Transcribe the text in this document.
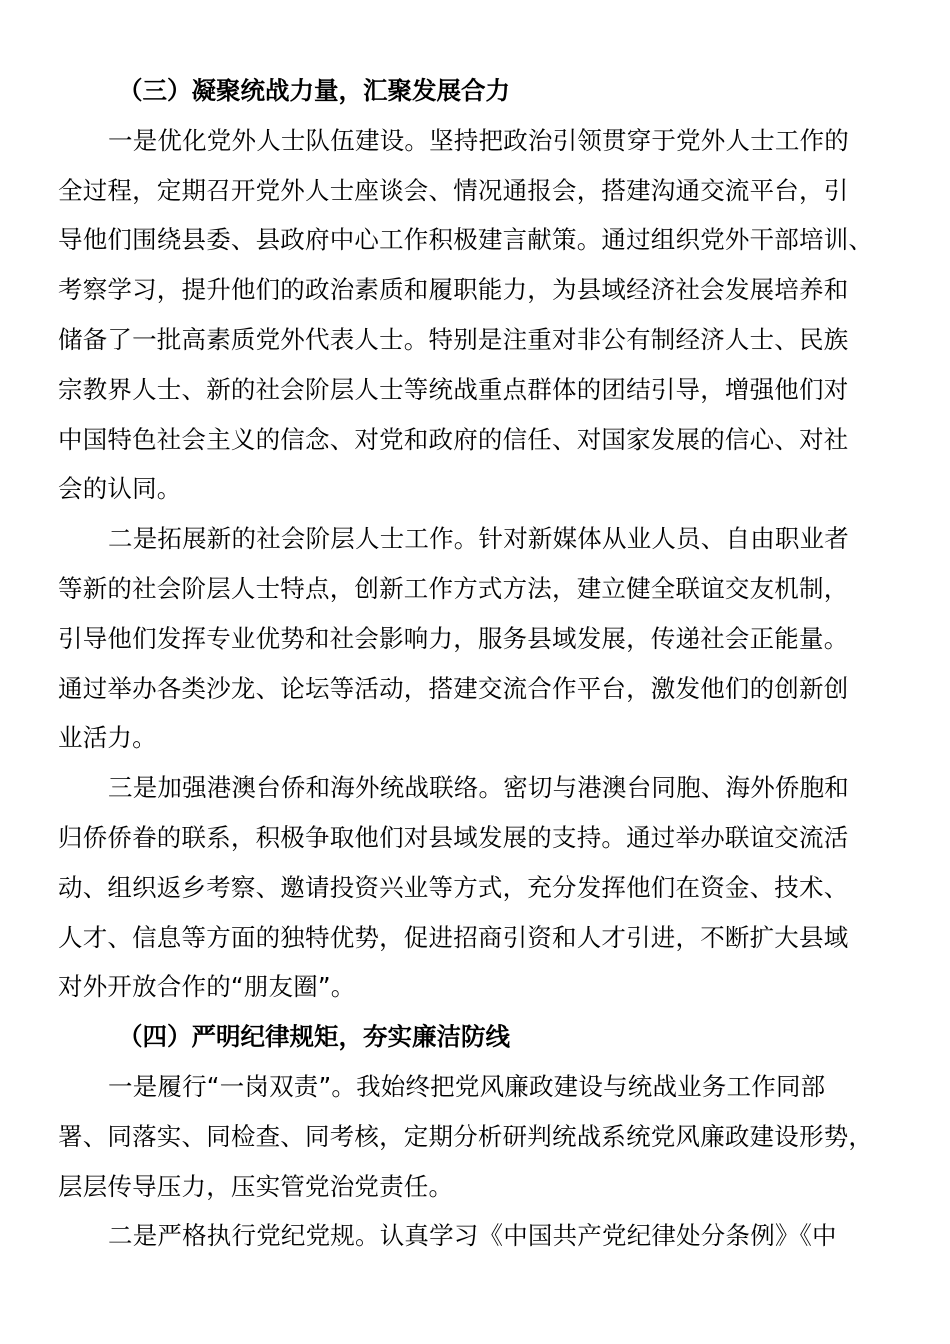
（三）凝聚统战力量，汇聚发展合力
一是优化党外人士队伍建设。坚持把政治引领贯穿于党外人士工作的
全过程，定期召开党外人士座谈会、情况通报会，搭建沟通交流平台，引
导他们围绕县委、县政府中心工作积极建言献策。通过组织党外干部培训、
考察学习，提升他们的政治素质和履职能力，为县域经济社会发展培养和
储备了一批高素质党外代表人士。特别是注重对非公有制经济人士、民族
宗教界人士、新的社会阶层人士等统战重点群体的团结引导，增强他们对
中国特色社会主义的信念、对党和政府的信任、对国家发展的信心、对社
会的认同。
二是拓展新的社会阶层人士工作。针对新媒体从业人员、自由职业者
等新的社会阶层人士特点，创新工作方式方法，建立健全联谊交友机制，
引导他们发挥专业优势和社会影响力，服务县域发展，传递社会正能量。
通过举办各类沙龙、论坛等活动，搭建交流合作平台，激发他们的创新创
业活力。
三是加强港澳台侨和海外统战联络。密切与港澳台同胞、海外侨胞和
归侨侨眷的联系，积极争取他们对县域发展的支持。通过举办联谊交流活
动、组织返乡考察、邀请投资兴业等方式，充分发挥他们在资金、技术、
人才、信息等方面的独特优势，促进招商引资和人才引进，不断扩大县域
对外开放合作的“朋友圈”。
（四）严明纪律规矩，夯实廉洁防线
一是履行“一岗双责”。我始终把党风廉政建设与统战业务工作同部
署、同落实、同检查、同考核，定期分析研判统战系统党风廉政建设形势，
层层传导压力，压实管党治党责任。
二是严格执行党纪党规。认真学习《中国共产党纪律处分条例》《中
